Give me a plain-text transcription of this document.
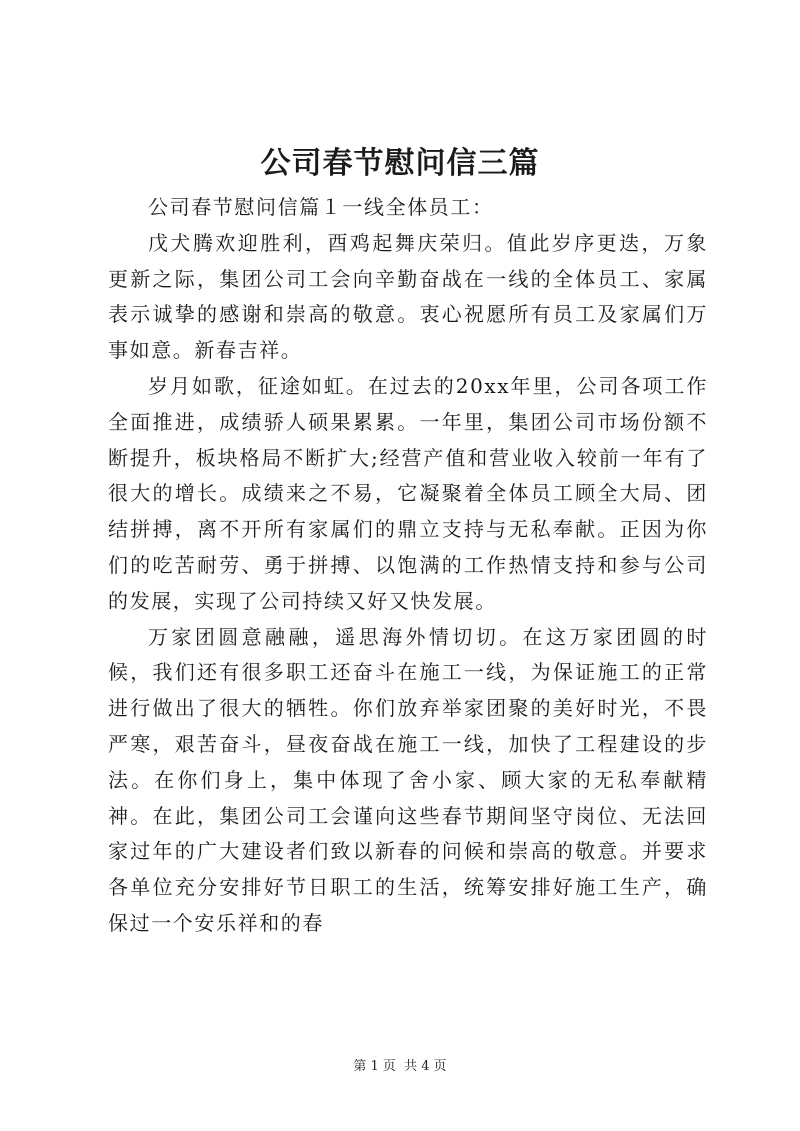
公司春节慰问信三篇

公司春节慰问信篇１一线全体员工：

戊犬腾欢迎胜利，酉鸡起舞庆荣归。值此岁序更迭，万象更新之际，集团公司工会向辛勤奋战在一线的全体员工、家属表示诚挚的感谢和崇高的敬意。衷心祝愿所有员工及家属们万事如意。新春吉祥。

岁月如歌，征途如虹。在过去的20xx年里，公司各项工作全面推进，成绩骄人硕果累累。一年里，集团公司市场份额不断提升，板块格局不断扩大;经营产值和营业收入较前一年有了很大的增长。成绩来之不易，它凝聚着全体员工顾全大局、团结拼搏，离不开所有家属们的鼎立支持与无私奉献。正因为你们的吃苦耐劳、勇于拼搏、以饱满的工作热情支持和参与公司的发展，实现了公司持续又好又快发展。

万家团圆意融融，遥思海外情切切。在这万家团圆的时候，我们还有很多职工还奋斗在施工一线，为保证施工的正常进行做出了很大的牺牲。你们放弃举家团聚的美好时光，不畏严寒，艰苦奋斗，昼夜奋战在施工一线，加快了工程建设的步法。在你们身上，集中体现了舍小家、顾大家的无私奉献精神。在此，集团公司工会谨向这些春节期间坚守岗位、无法回家过年的广大建设者们致以新春的问候和崇高的敬意。并要求各单位充分安排好节日职工的生活，统筹安排好施工生产，确保过一个安乐祥和的春

第 1 页 共 4 页
